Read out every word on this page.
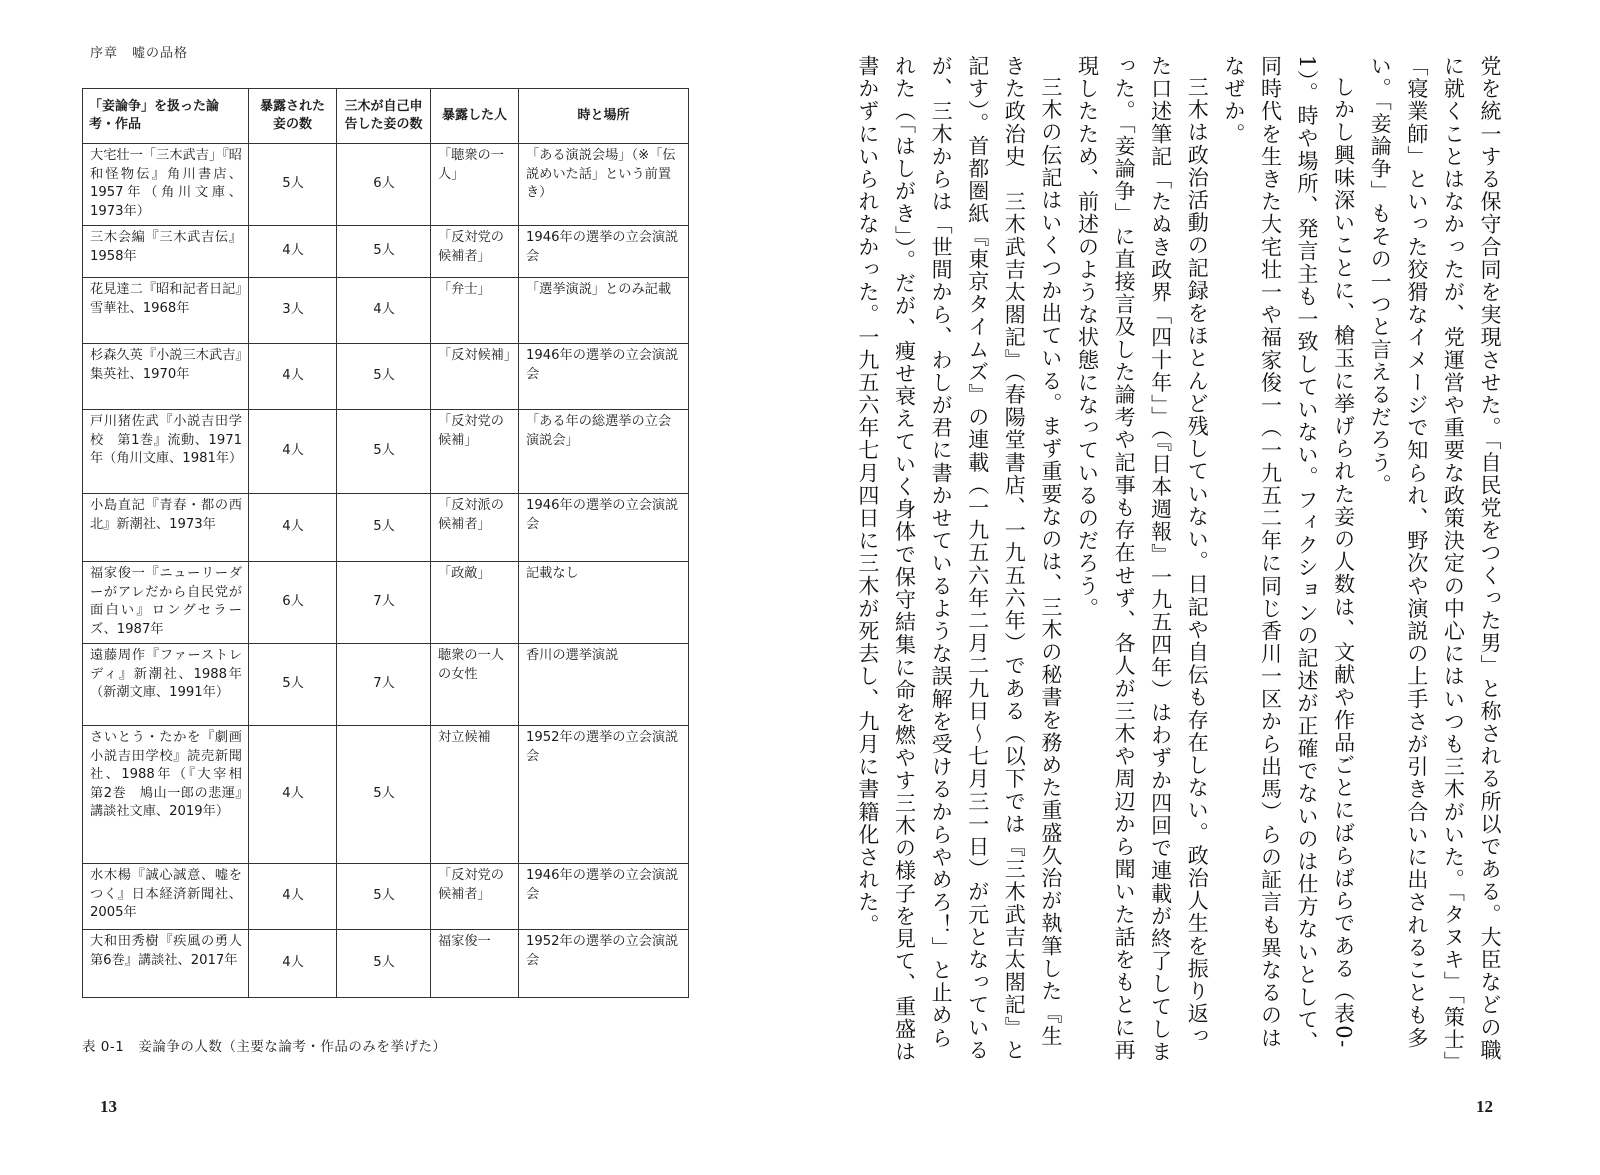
序章　嘘の品格
「妾論争」を扱った論考・作品	暴露された妾の数	三木が自己申告した妾の数	暴露した人	時と場所
大宅壮一「三木武吉」『昭和怪物伝』角川書店、1957年（角川文庫、1973年）	5人	6人	「聴衆の一人」	「ある演説会場」（※「伝説めいた話」という前置き）
三木会編『三木武吉伝』1958年	4人	5人	「反対党の候補者」	1946年の選挙の立会演説会
花見達二『昭和記者日記』雪華社、1968年	3人	4人	「弁士」	「選挙演説」とのみ記載
杉森久英『小説三木武吉』集英社、1970年	4人	5人	「反対候補」	1946年の選挙の立会演説会
戸川猪佐武『小説吉田学校　第1巻』流動、1971年（角川文庫、1981年）	4人	5人	「反対党の候補」	「ある年の総選挙の立会演説会」
小島直記『青春・都の西北』新潮社、1973年	4人	5人	「反対派の候補者」	1946年の選挙の立会演説会
福家俊一『ニューリーダーがアレだから自民党が面白い』ロングセラーズ、1987年	6人	7人	「政敵」	記載なし
遠藤周作『ファーストレディ』新潮社、1988年（新潮文庫、1991年）	5人	7人	聴衆の一人の女性	香川の選挙演説
さいとう・たかを『劇画　小説吉田学校』読売新聞社、1988年（『大宰相　第2巻　鳩山一郎の悲運』講談社文庫、2019年）	4人	5人	対立候補	1952年の選挙の立会演説会
水木楊『誠心誠意、嘘をつく』日本経済新聞社、2005年	4人	5人	「反対党の候補者」	1946年の選挙の立会演説会
大和田秀樹『疾風の勇人　第6巻』講談社、2017年	4人	5人	福家俊一	1952年の選挙の立会演説会
表 0-1　妾論争の人数（主要な論考・作品のみを挙げた）
13

党を統一する保守合同を実現させた。「自民党をつくった男」と称される所以である。大臣などの職に就くことはなかったが、党運営や重要な政策決定の中心にはいつも三木がいた。「タヌキ」「策士」「寝業師」といった狡猾なイメージで知られ、野次や演説の上手さが引き合いに出されることも多い。「妾論争」もその一つと言えるだろう。

しかし興味深いことに、槍玉に挙げられた妾の人数は、文献や作品ごとにばらばらである（表0-1）。時や場所、発言主も一致していない。フィクションの記述が正確でないのは仕方ないとして、同時代を生きた大宅壮一や福家俊一（一九五二年に同じ香川一区から出馬）らの証言も異なるのはなぜか。

三木は政治活動の記録をほとんど残していない。日記や自伝も存在しない。政治人生を振り返った口述筆記「たぬき政界「四十年」」（『日本週報』一九五四年）はわずか四回で連載が終了してしまった。「妾論争」に直接言及した論考や記事も存在せず、各人が三木や周辺から聞いた話をもとに再現したため、前述のような状態になっているのだろう。

三木の伝記はいくつか出ている。まず重要なのは、三木の秘書を務めた重盛久治が執筆した『生きた政治史　三木武吉太閤記』（春陽堂書店、一九五六年）である（以下では『三木武吉太閤記』と記す）。首都圏紙『東京タイムズ』の連載（一九五六年二月二九日〜七月三一日）が元となっているが、三木からは「世間から、わしが君に書かせているような誤解を受けるからやめろ！」と止められた（「はしがき」）。だが、痩せ衰えていく身体で保守結集に命を燃やす三木の様子を見て、重盛は書かずにいられなかった。一九五六年七月四日に三木が死去し、九月に書籍化された。

12
